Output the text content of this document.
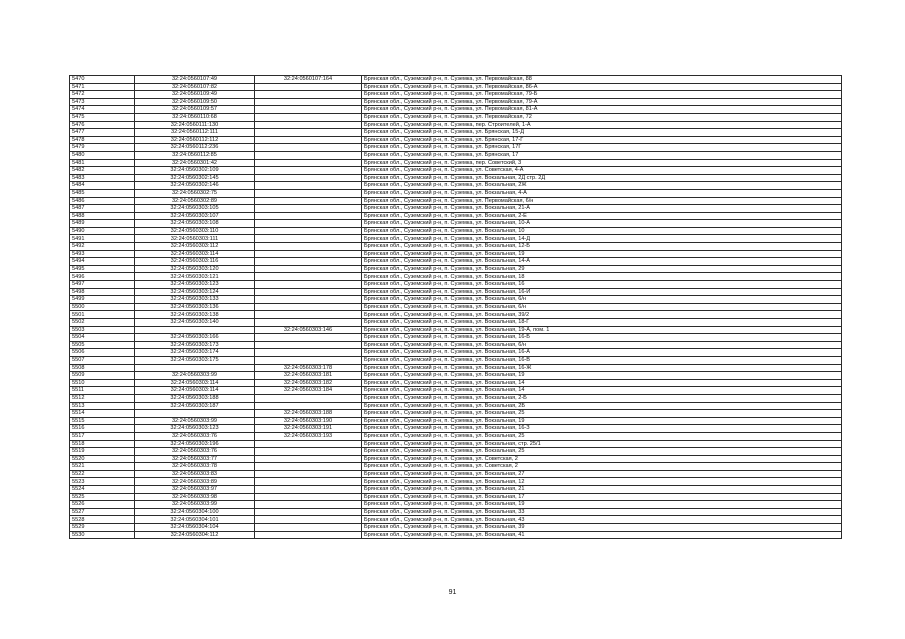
5470	32:24:0560107:49	32:24:0560107:164	Брянская обл., Суземский р-н, п. Суземка, ул. Первомайская, 88
5471	32:24:0560107:82		Брянская обл., Суземский р-н, п. Суземка, ул. Первомайская, 86-А
5472	32:24:0560109:49		Брянская обл., Суземский р-н, п. Суземка, ул. Первомайская, 79-Б
5473	32:24:0560109:50		Брянская обл., Суземский р-н, п. Суземка, ул. Первомайская, 79-А
5474	32:24:0560109:57		Брянская обл., Суземский р-н, п. Суземка, ул. Первомайская, 81-А
5475	32:24:0560110:68		Брянская обл., Суземский р-н, п. Суземка, ул. Первомайская, 72
5476	32:24:0560111:130		Брянская обл., Суземский р-н, п. Суземка, пер. Строителей, 1-А
5477	32:24:0560112:111		Брянская обл., Суземский р-н, п. Суземка, ул. Брянская, 15-Д
5478	32:24:0560112:112		Брянская обл., Суземский р-н, п. Суземка, ул. Брянская, 17-Г
5479	32:24:0560112:236		Брянская обл., Суземский р-н, п. Суземка, ул. Брянская, 17Г
5480	32:24:0560112:85		Брянская обл., Суземский р-н, п. Суземка, ул. Брянская, 17
5481	32:24:0560301:42		Брянская обл., Суземский р-н, п. Суземка, пер. Советский, 3
5482	32:24:0560302:109		Брянская обл., Суземский р-н, п. Суземка, ул. Советская, 4-А
5483	32:24:0560302:145		Брянская обл., Суземский р-н, п. Суземка, ул. Вокзальная, 2Д стр. 2Д
5484	32:24:0560302:146		Брянская обл., Суземский р-н, п. Суземка, ул. Вокзальная, 2Ж
5485	32:24:0560302:75		Брянская обл., Суземский р-н, п. Суземка, ул. Вокзальная, 4-А
5486	32:24:0560302:89		Брянская обл., Суземский р-н, п. Суземка, ул. Первомайская, 6/н
5487	32:24:0560303:105		Брянская обл., Суземский р-н, п. Суземка, ул. Вокзальная, 21-А
5488	32:24:0560303:107		Брянская обл., Суземский р-н, п. Суземка, ул. Вокзальная, 2-Е
5489	32:24:0560303:108		Брянская обл., Суземский р-н, п. Суземка, ул. Вокзальная, 10-А
5490	32:24:0560303:110		Брянская обл., Суземский р-н, п. Суземка, ул. Вокзальная, 10
5491	32:24:0560303:111		Брянская обл., Суземский р-н, п. Суземка, ул. Вокзальная, 14-Д
5492	32:24:0560303:112		Брянская обл., Суземский р-н, п. Суземка, ул. Вокзальная, 12-Б
5493	32:24:0560303:114		Брянская обл., Суземский р-н, п. Суземка, ул. Вокзальная, 19
5494	32:24:0560303:116		Брянская обл., Суземский р-н, п. Суземка, ул. Вокзальная, 14-А
5495	32:24:0560303:120		Брянская обл., Суземский р-н, п. Суземка, ул. Вокзальная, 29
5496	32:24:0560303:121		Брянская обл., Суземский р-н, п. Суземка, ул. Вокзальная, 18
5497	32:24:0560303:123		Брянская обл., Суземский р-н, п. Суземка, ул. Вокзальная, 16
5498	32:24:0560303:124		Брянская обл., Суземский р-н, п. Суземка, ул. Вокзальная, 16-И
5499	32:24:0560303:133		Брянская обл., Суземский р-н, п. Суземка, ул. Вокзальная, 6/н
5500	32:24:0560303:136		Брянская обл., Суземский р-н, п. Суземка, ул. Вокзальная, 6/н
5501	32:24:0560303:138		Брянская обл., Суземский р-н, п. Суземка, ул. Вокзальная, 39/2
5502	32:24:0560303:140		Брянская обл., Суземский р-н, п. Суземка, ул. Вокзальная, 18-Г
5503		32:24:0560303:146	Брянская обл., Суземский р-н, п. Суземка, ул. Вокзальная, 19-А, пом. 1
5504	32:24:0560303:166		Брянская обл., Суземский р-н, п. Суземка, ул. Вокзальная, 16-Б
5505	32:24:0560303:173		Брянская обл., Суземский р-н, п. Суземка, ул. Вокзальная, 6/н
5506	32:24:0560303:174		Брянская обл., Суземский р-н, п. Суземка, ул. Вокзальная, 16-А
5507	32:24:0560303:175		Брянская обл., Суземский р-н, п. Суземка, ул. Вокзальная, 16-В
5508		32:24:0560303:178	Брянская обл., Суземский р-н, п. Суземка, ул. Вокзальная, 16-Ж
5509	32:24:0560303:99	32:24:0560303:181	Брянская обл., Суземский р-н, п. Суземка, ул. Вокзальная, 19
5510	32:24:0560303:114	32:24:0560303:182	Брянская обл., Суземский р-н, п. Суземка, ул. Вокзальная, 14
5511	32:24:0560303:114	32:24:0560303:184	Брянская обл., Суземский р-н, п. Суземка, ул. Вокзальная, 14
5512	32:24:0560303:188		Брянская обл., Суземский р-н, п. Суземка, ул. Вокзальная, 2-Б
5513	32:24:0560303:187		Брянская обл., Суземский р-н, п. Суземка, ул. Вокзальная, 2Б
5514		32:24:0560303:188	Брянская обл., Суземский р-н, п. Суземка, ул. Вокзальная, 25
5515	32:24:0560303:99	32:24:0560303:190	Брянская обл., Суземский р-н, п. Суземка, ул. Вокзальная, 19
5516	32:24:0560303:123	32:24:0560303:191	Брянская обл., Суземский р-н, п. Суземка, ул. Вокзальная, 16-З
5517	32:24:0560303:76	32:24:0560303:193	Брянская обл., Суземский р-н, п. Суземка, ул. Вокзальная, 25
5518	32:24:0560303:196		Брянская обл., Суземский р-н, п. Суземка, ул. Вокзальная, стр. 25/1
5519	32:24:0560303:76		Брянская обл., Суземский р-н, п. Суземка, ул. Вокзальная, 25
5520	32:24:0560303:77		Брянская обл., Суземский р-н, п. Суземка, ул. Советская, 2
5521	32:24:0560303:78		Брянская обл., Суземский р-н, п. Суземка, ул. Советская, 2
5522	32:24:0560303:83		Брянская обл., Суземский р-н, п. Суземка, ул. Вокзальная, 27
5523	32:24:0560303:89		Брянская обл., Суземский р-н, п. Суземка, ул. Вокзальная, 12
5524	32:24:0560303:97		Брянская обл., Суземский р-н, п. Суземка, ул. Вокзальная, 21
5525	32:24:0560303:98		Брянская обл., Суземский р-н, п. Суземка, ул. Вокзальная, 17
5526	32:24:0560303:99		Брянская обл., Суземский р-н, п. Суземка, ул. Вокзальная, 19
5527	32:24:0560304:100		Брянская обл., Суземский р-н, п. Суземка, ул. Вокзальная, 33
5528	32:24:0560304:101		Брянская обл., Суземский р-н, п. Суземка, ул. Вокзальная, 43
5529	32:24:0560304:104		Брянская обл., Суземский р-н, п. Суземка, ул. Вокзальная, 39
5530	32:24:0560304:112		Брянская обл., Суземский р-н, п. Суземка, ул. Вокзальная, 41
91
